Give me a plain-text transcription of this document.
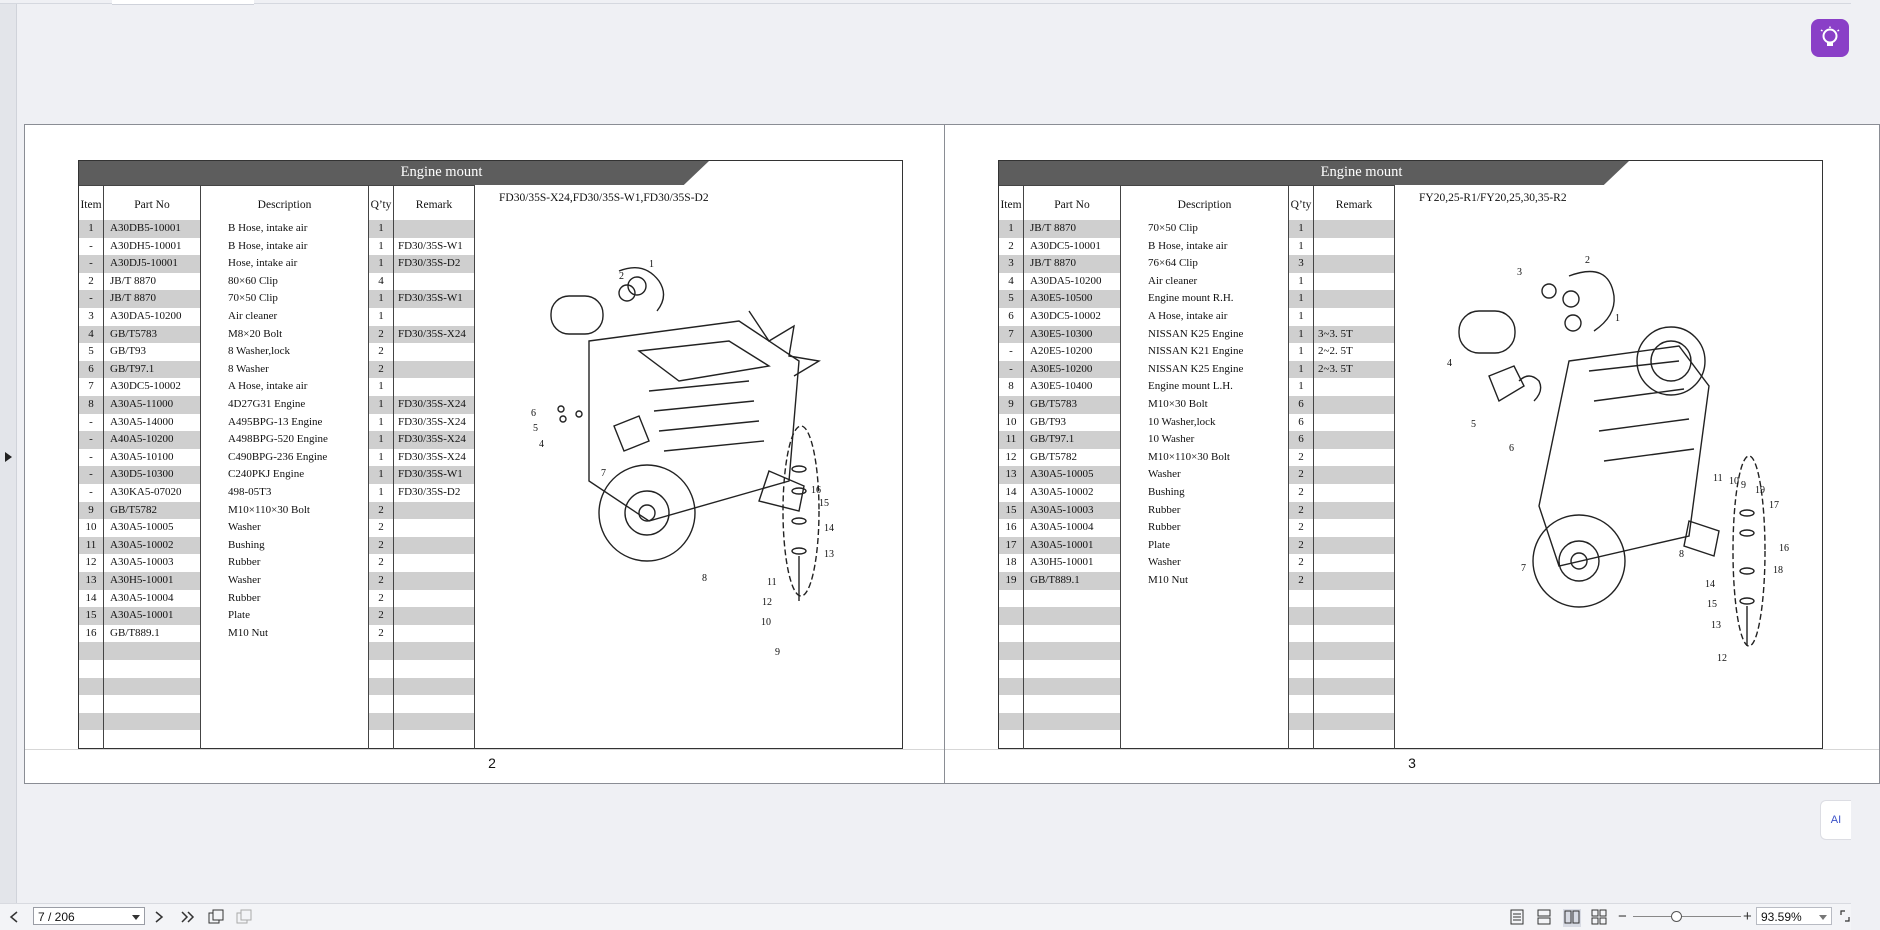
AI
Engine mount
Item	Part No	Description	Q’ty	Remark
1	A30DB5-10001	B Hose, intake air	1
-	A30DH5-10001	B Hose, intake air	1	FD30/35S-W1
-	A30DJ5-10001	Hose, intake air	1	FD30/35S-D2
2	JB/T 8870	80×60 Clip	4
-	JB/T 8870	70×50 Clip	1	FD30/35S-W1
3	A30DA5-10200	Air cleaner	1
4	GB/T5783	M8×20 Bolt	2	FD30/35S-X24
5	GB/T93	8 Washer,lock	2
6	GB/T97.1	8 Washer	2
7	A30DC5-10002	A Hose, intake air	1
8	A30A5-11000	4D27G31 Engine	1	FD30/35S-X24
-	A30A5-14000	A495BPG-13 Engine	1	FD30/35S-X24
-	A40A5-10200	A498BPG-520 Engine	1	FD30/35S-X24
-	A30A5-10100	C490BPG-236 Engine	1	FD30/35S-X24
-	A30D5-10300	C240PKJ Engine	1	FD30/35S-W1
-	A30KA5-07020	498-05T3	1	FD30/35S-D2
9	GB/T5782	M10×110×30 Bolt	2
10	A30A5-10005	Washer	2
11	A30A5-10002	Bushing	2
12	A30A5-10003	Rubber	2
13	A30H5-10001	Washer	2
14	A30A5-10004	Rubber	2
15	A30A5-10001	Plate	2
16	GB/T889.1	M10 Nut	2
FD30/35S-X24,FD30/35S-W1,FD30/35S-D2
1
2
4
5
6
7
8
9
10
11
12
13
14
15
16
2
Engine mount
Item	Part No	Description	Q’ty	Remark
1	JB/T 8870	70×50 Clip	1
2	A30DC5-10001	B Hose, intake air	1
3	JB/T 8870	76×64 Clip	3
4	A30DA5-10200	Air cleaner	1
5	A30E5-10500	Engine mount R.H.	1
6	A30DC5-10002	A Hose, intake air	1
7	A30E5-10300	NISSAN K25 Engine	1	3~3. 5T
-	A20E5-10200	NISSAN K21 Engine	1	2~2. 5T
-	A30E5-10200	NISSAN K25 Engine	1	2~3. 5T
8	A30E5-10400	Engine mount L.H.	1
9	GB/T5783	M10×30 Bolt	6
10	GB/T93	10 Washer,lock	6
11	GB/T97.1	10 Washer	6
12	GB/T5782	M10×110×30 Bolt	2
13	A30A5-10005	Washer	2
14	A30A5-10002	Bushing	2
15	A30A5-10003	Rubber	2
16	A30A5-10004	Rubber	2
17	A30A5-10001	Plate	2
18	A30H5-10001	Washer	2
19	GB/T889.1	M10 Nut	2
FY20,25-R1/FY20,25,30,35-R2
1
2
3
4
5
6
7
8
9
10
11
12
13
14
15
16
17
18
19
3
7 / 206	−	+ 93.59%
